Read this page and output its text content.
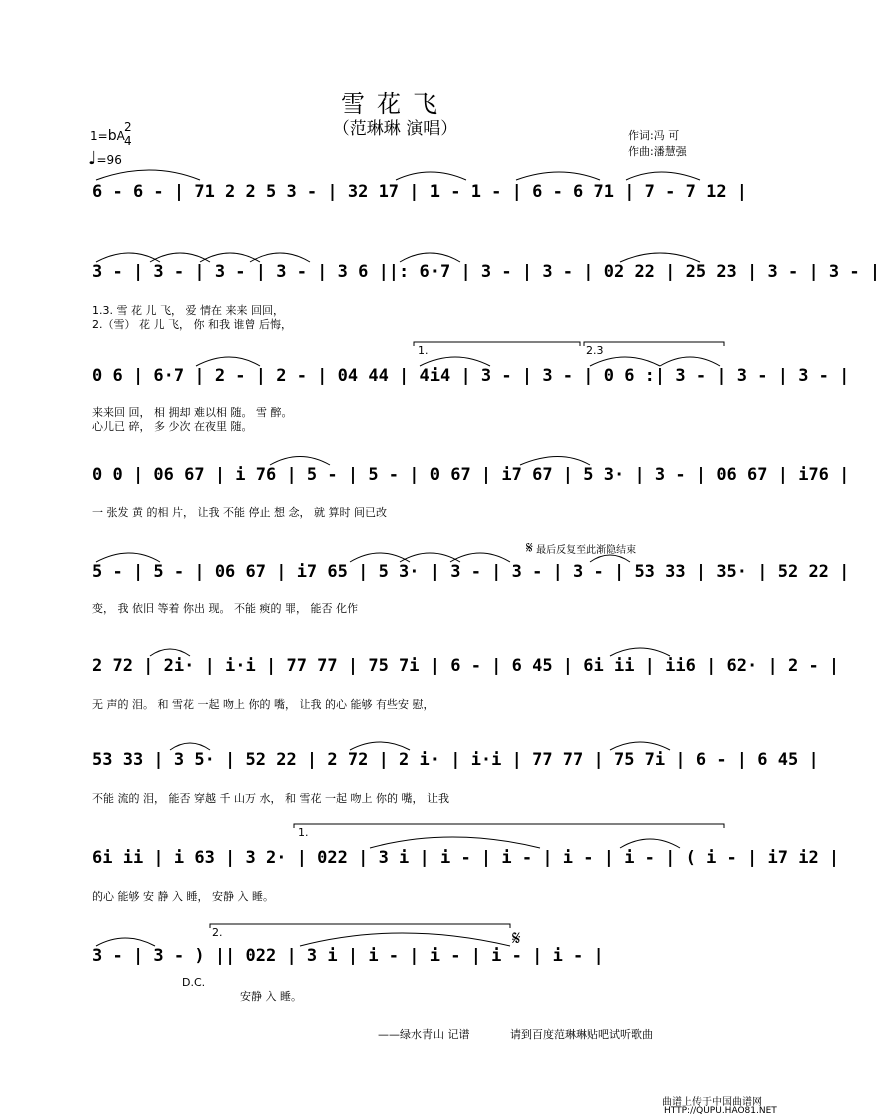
雪花飞
（范琳琳 演唱）	作词:冯 可
作曲:潘慧强
1=bA
2
4
♩=96
6 - 6 - | 71 2 2 5 3 - | 32 17 | 1 - 1 - | 6 - 6 71 | 7 - 7 12 |
3 - | 3 - | 3 - | 3 - | 3 6 ||: 6·7 | 3 - | 3 - | 02 22 | 25 23 | 3 - | 3 - |
1.3. 雪 花 儿 飞， 爱 情在 来来 回回，
2.（雪） 花 儿 飞， 你 和我 谁曾 后悔，
1.	2.3
0 6 | 6·7 | 2 - | 2 - | 04 44 | 4i4 | 3 - | 3 - | 0 6 :| 3 - | 3 - | 3 - |
来来回 回， 相 拥却 难以相 随。 雪 醉。
心儿已 碎， 多 少次 在夜里 随。
0 0 | 06 67 | i 76 | 5 - | 5 - | 0 67 | i7 67 | 5 3· | 3 - | 06 67 | i76 |
一 张发 黄 的相 片， 让我 不能 停止 想 念， 就 算时 间已改
𝄋 最后反复至此渐隐结束
5 - | 5 - | 06 67 | i7 65 | 5 3· | 3 - | 3 - | 3 - | 53 33 | 35· | 52 22 |
变， 我 依旧 等着 你出 现。 不能 瘐的 罪， 能否 化作
2 72 | 2i· | i·i | 77 77 | 75 7i | 6 - | 6 45 | 6i ii | ii6 | 62· | 2 - |
无 声的 泪。 和 雪花 一起 吻上 你的 嘴， 让我 的心 能够 有些安 慰，
53 33 | 3 5· | 52 22 | 2 72 | 2 i· | i·i | 77 77 | 75 7i | 6 - | 6 45 |
不能 流的 泪， 能否 穿越 千 山万 水， 和 雪花 一起 吻上 你的 嘴， 让我
1.
6i ii | i 63 | 3 2· | 022 | 3 i | i - | i - | i - | i - | ( i - | i7 i2 |
的心 能够 安 静 入 睡， 安静 入 睡。
2.
3 - | 3 - ) || 022 | 3 i | i - | i - | i - | i - |
D.C.
𝄋
安静 入 睡。
——绿水青山 记谱	请到百度范琳琳贴吧试听歌曲
曲谱上传于中国曲谱网
HTTP://QUPU.HAO81.NET
